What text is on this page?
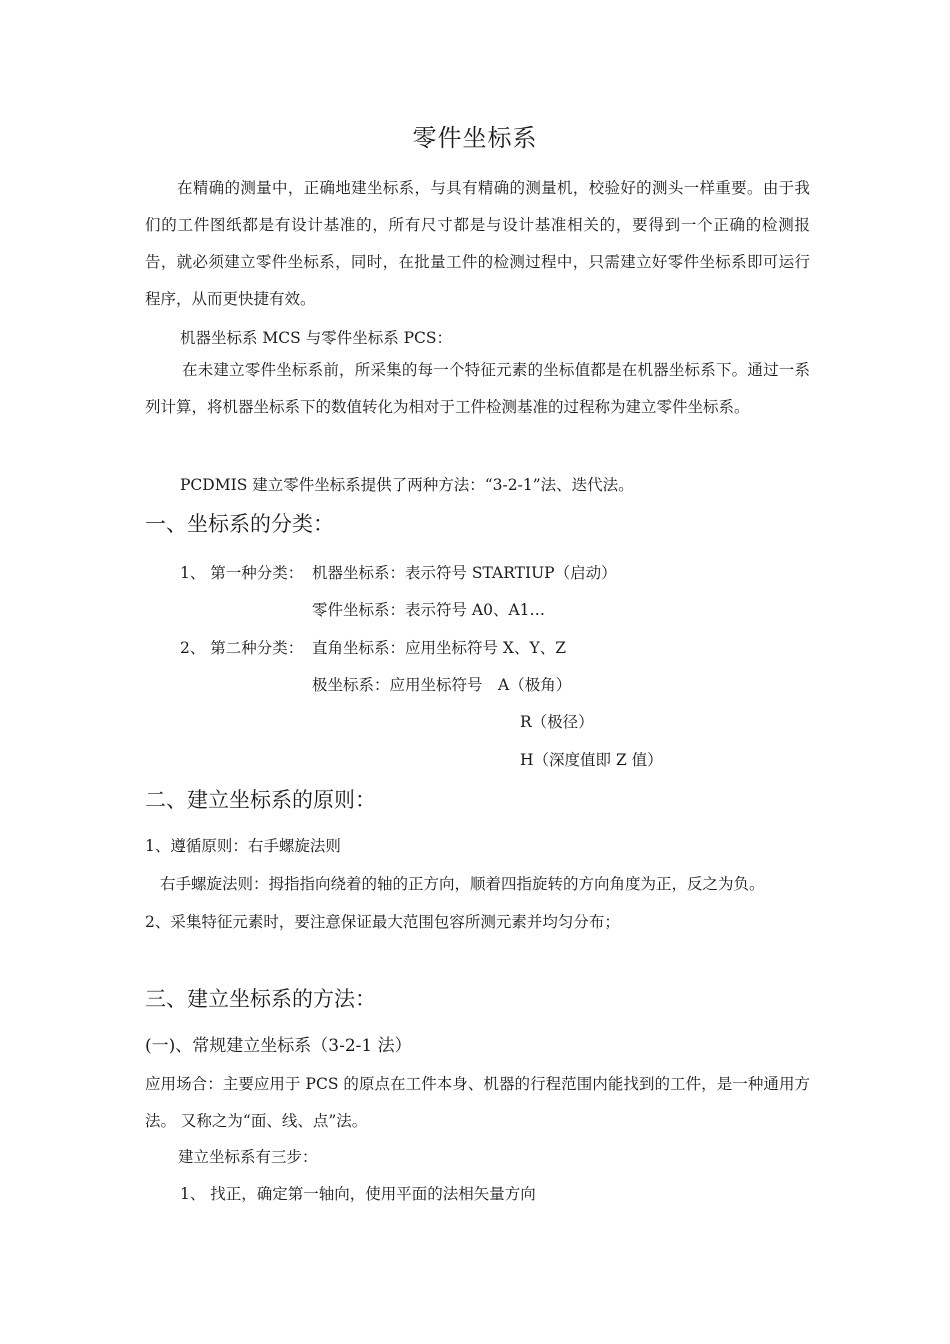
零件坐标系
在精确的测量中，正确地建坐标系，与具有精确的测量机，校验好的测头一样重要。由于我们的工件图纸都是有设计基准的，所有尺寸都是与设计基准相关的，要得到一个正确的检测报告，就必须建立零件坐标系，同时，在批量工件的检测过程中，只需建立好零件坐标系即可运行程序，从而更快捷有效。
机器坐标系 MCS 与零件坐标系 PCS：
在未建立零件坐标系前，所采集的每一个特征元素的坐标值都是在机器坐标系下。通过一系列计算，将机器坐标系下的数值转化为相对于工件检测基准的过程称为建立零件坐标系。
PCDMIS 建立零件坐标系提供了两种方法：“3-2-1”法、迭代法。
一、坐标系的分类：
1、 第一种分类： 机器坐标系：表示符号 STARTIUP（启动）
零件坐标系：表示符号 A0、A1…
2、 第二种分类： 直角坐标系：应用坐标符号 X、Y、Z
极坐标系：应用坐标符号　A（极角）
R（极径）
H（深度值即 Z 值）
二、建立坐标系的原则：
1、遵循原则：右手螺旋法则
右手螺旋法则：拇指指向绕着的轴的正方向，顺着四指旋转的方向角度为正，反之为负。
2、采集特征元素时，要注意保证最大范围包容所测元素并均匀分布；
三、建立坐标系的方法：
(一)、常规建立坐标系（3-2-1 法）
应用场合：主要应用于 PCS 的原点在工件本身、机器的行程范围内能找到的工件，是一种通用方法。 又称之为“面、线、点”法。
建立坐标系有三步：
1、 找正，确定第一轴向，使用平面的法相矢量方向
